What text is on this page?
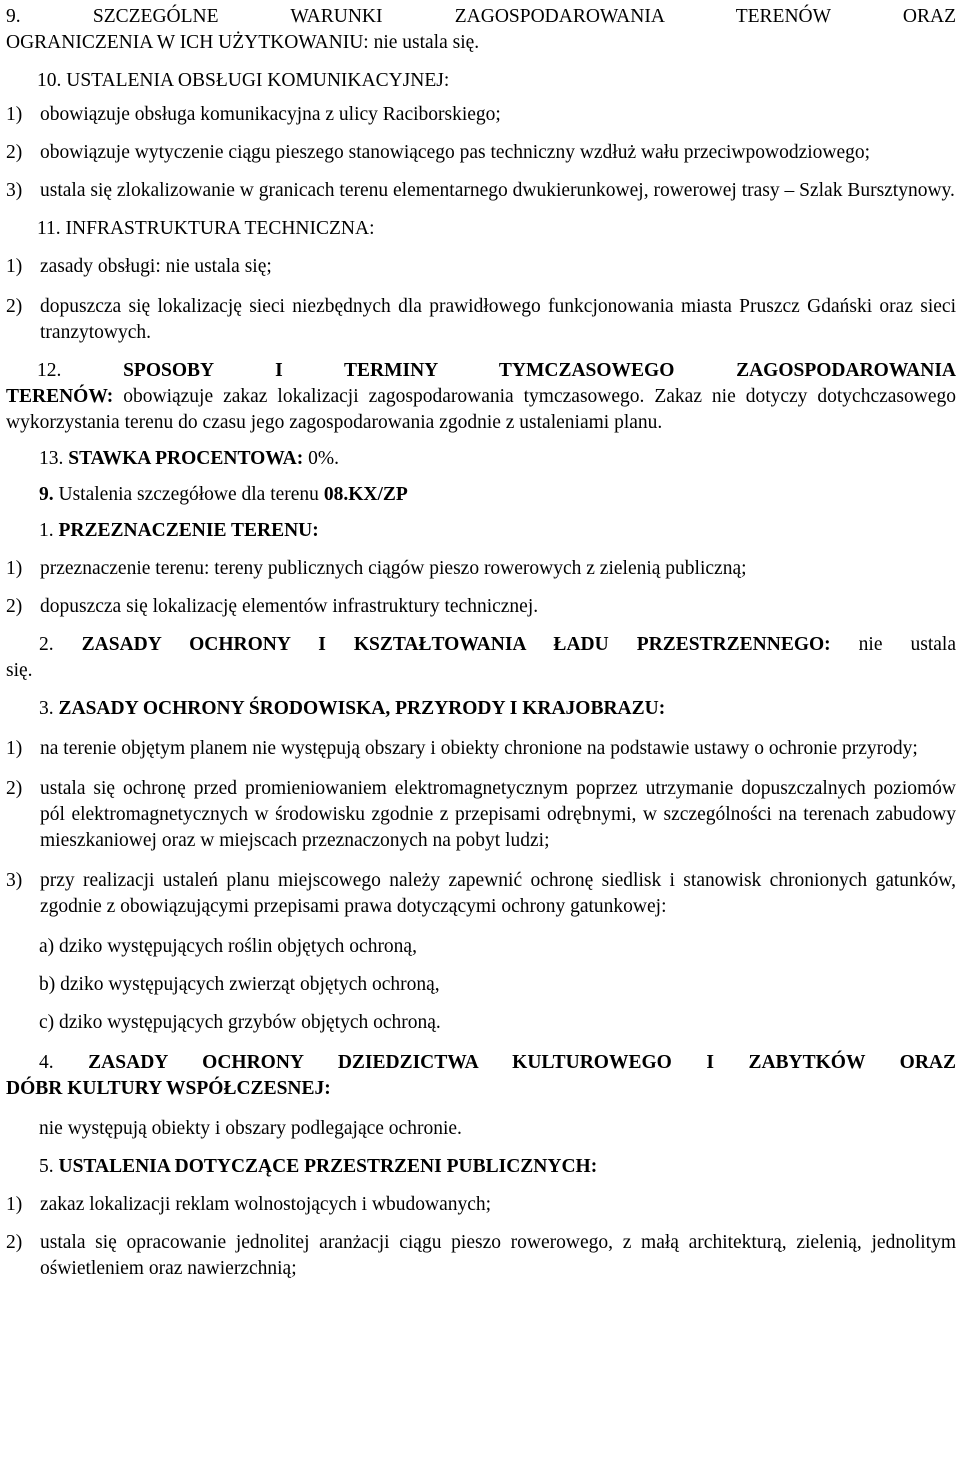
9.	SZCZEGÓLNE WARUNKI ZAGOSPODAROWANIA TERENÓW ORAZ

OGRANICZENIA W ICH UŻYTKOWANIU: nie ustala się.

10. USTALENIA OBSŁUGI KOMUNIKACYJNEJ:

1) obowiązuje obsługa komunikacyjna z ulicy Raciborskiego;
2) obowiązuje wytyczenie ciągu pieszego stanowiącego pas techniczny wzdłuż wału przeciwpowodziowego;
3) ustala się zlokalizowanie w granicach terenu elementarnego dwukierunkowej, rowerowej trasy – Szlak Bursztynowy.

11. INFRASTRUKTURA TECHNICZNA:

1) zasady obsługi: nie ustala się;
2) dopuszcza się lokalizację sieci niezbędnych dla prawidłowego funkcjonowania miasta Pruszcz Gdański oraz sieci tranzytowych.

12.	SPOSOBY I TERMINY TYMCZASOWEGO ZAGOSPODAROWANIA

TERENÓW: obowiązuje zakaz lokalizacji zagospodarowania tymczasowego. Zakaz nie dotyczy dotychczasowego wykorzystania terenu do czasu jego zagospodarowania zgodnie z ustaleniami planu.

13. STAWKA PROCENTOWA: 0%.

9. Ustalenia szczegółowe dla terenu 08.KX/ZP

1. PRZEZNACZENIE TERENU:

1) przeznaczenie terenu: tereny publicznych ciągów pieszo rowerowych z zielenią publiczną;
2) dopuszcza się lokalizację elementów infrastruktury technicznej.

2. ZASADY OCHRONY I KSZTAŁTOWANIA ŁADU PRZESTRZENNEGO: nie ustala

się.

3. ZASADY OCHRONY ŚRODOWISKA, PRZYRODY I KRAJOBRAZU:

1) na terenie objętym planem nie występują obszary i obiekty chronione na podstawie ustawy o ochronie przyrody;
2) ustala się ochronę przed promieniowaniem elektromagnetycznym poprzez utrzymanie dopuszczalnych poziomów pól elektromagnetycznych w środowisku zgodnie z przepisami odrębnymi, w szczególności na terenach zabudowy mieszkaniowej oraz w miejscach przeznaczonych na pobyt ludzi;
3) przy realizacji ustaleń planu miejscowego należy zapewnić ochronę siedlisk i stanowisk chronionych gatunków, zgodnie z obowiązującymi przepisami prawa dotyczącymi ochrony gatunkowej:

a) dziko występujących roślin objętych ochroną,

b) dziko występujących zwierząt objętych ochroną,

c) dziko występujących grzybów objętych ochroną.

4. ZASADY OCHRONY DZIEDZICTWA KULTUROWEGO I ZABYTKÓW ORAZ

DÓBR KULTURY WSPÓŁCZESNEJ:

nie występują obiekty i obszary podlegające ochronie.

5. USTALENIA DOTYCZĄCE PRZESTRZENI PUBLICZNYCH:

1) zakaz lokalizacji reklam wolnostojących i wbudowanych;
2) ustala się opracowanie jednolitej aranżacji ciągu pieszo rowerowego, z małą architekturą, zielenią, jednolitym oświetleniem oraz nawierzchnią;
